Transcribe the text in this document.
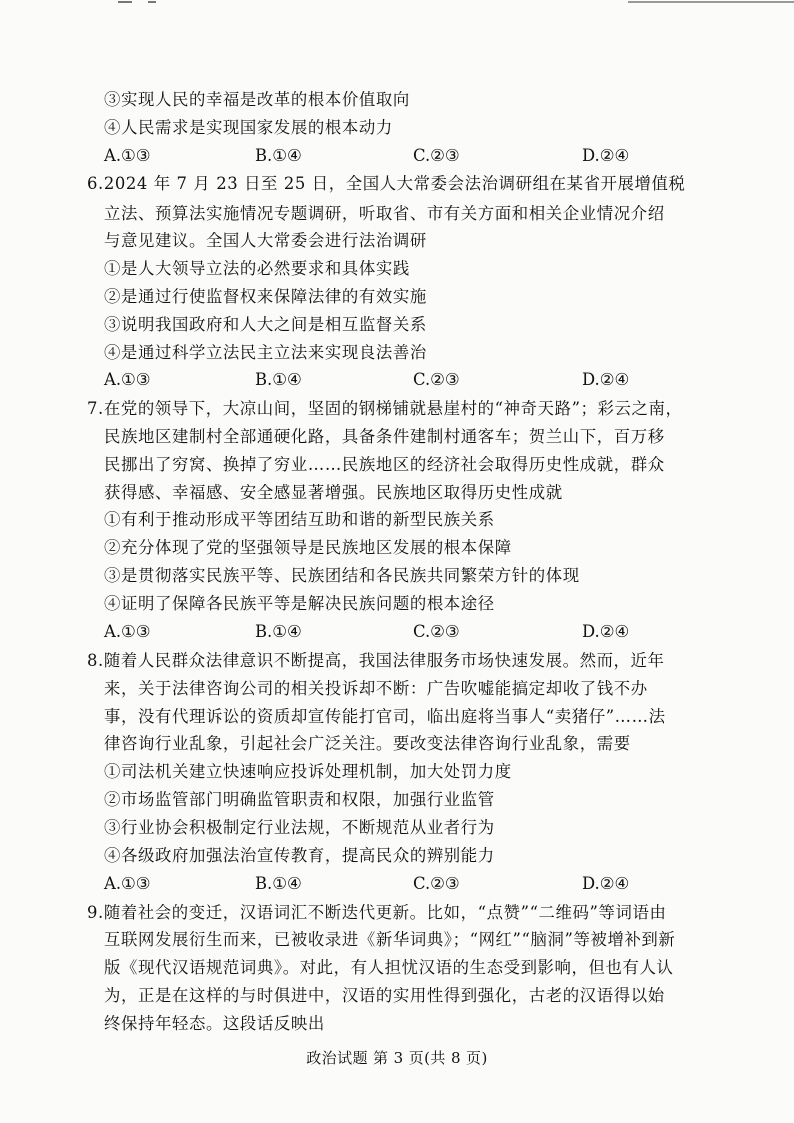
③实现人民的幸福是改革的根本价值取向
④人民需求是实现国家发展的根本动力
A.①③	B.①④	C.②③	D.②④
6.2024 年 7 月 23 日至 25 日，全国人大常委会法治调研组在某省开展增值税
立法、预算法实施情况专题调研，听取省、市有关方面和相关企业情况介绍
与意见建议。全国人大常委会进行法治调研
①是人大领导立法的必然要求和具体实践
②是通过行使监督权来保障法律的有效实施
③说明我国政府和人大之间是相互监督关系
④是通过科学立法民主立法来实现良法善治
A.①③	B.①④	C.②③	D.②④
7.在党的领导下，大凉山间，坚固的钢梯铺就悬崖村的“神奇天路”；彩云之南，
民族地区建制村全部通硬化路，具备条件建制村通客车；贺兰山下，百万移
民挪出了穷窝、换掉了穷业……民族地区的经济社会取得历史性成就，群众
获得感、幸福感、安全感显著增强。民族地区取得历史性成就
①有利于推动形成平等团结互助和谐的新型民族关系
②充分体现了党的坚强领导是民族地区发展的根本保障
③是贯彻落实民族平等、民族团结和各民族共同繁荣方针的体现
④证明了保障各民族平等是解决民族问题的根本途径
A.①③	B.①④	C.②③	D.②④
8.随着人民群众法律意识不断提高，我国法律服务市场快速发展。然而，近年
来，关于法律咨询公司的相关投诉却不断：广告吹嘘能搞定却收了钱不办
事，没有代理诉讼的资质却宣传能打官司，临出庭将当事人“卖猪仔”……法
律咨询行业乱象，引起社会广泛关注。要改变法律咨询行业乱象，需要
①司法机关建立快速响应投诉处理机制，加大处罚力度
②市场监管部门明确监管职责和权限，加强行业监管
③行业协会积极制定行业法规，不断规范从业者行为
④各级政府加强法治宣传教育，提高民众的辨别能力
A.①③	B.①④	C.②③	D.②④
9.随着社会的变迁，汉语词汇不断迭代更新。比如，“点赞”“二维码”等词语由
互联网发展衍生而来，已被收录进《新华词典》；“网红”“脑洞”等被增补到新
版《现代汉语规范词典》。对此，有人担忧汉语的生态受到影响，但也有人认
为，正是在这样的与时俱进中，汉语的实用性得到强化，古老的汉语得以始
终保持年轻态。这段话反映出
政治试题 第 3 页(共 8 页)
